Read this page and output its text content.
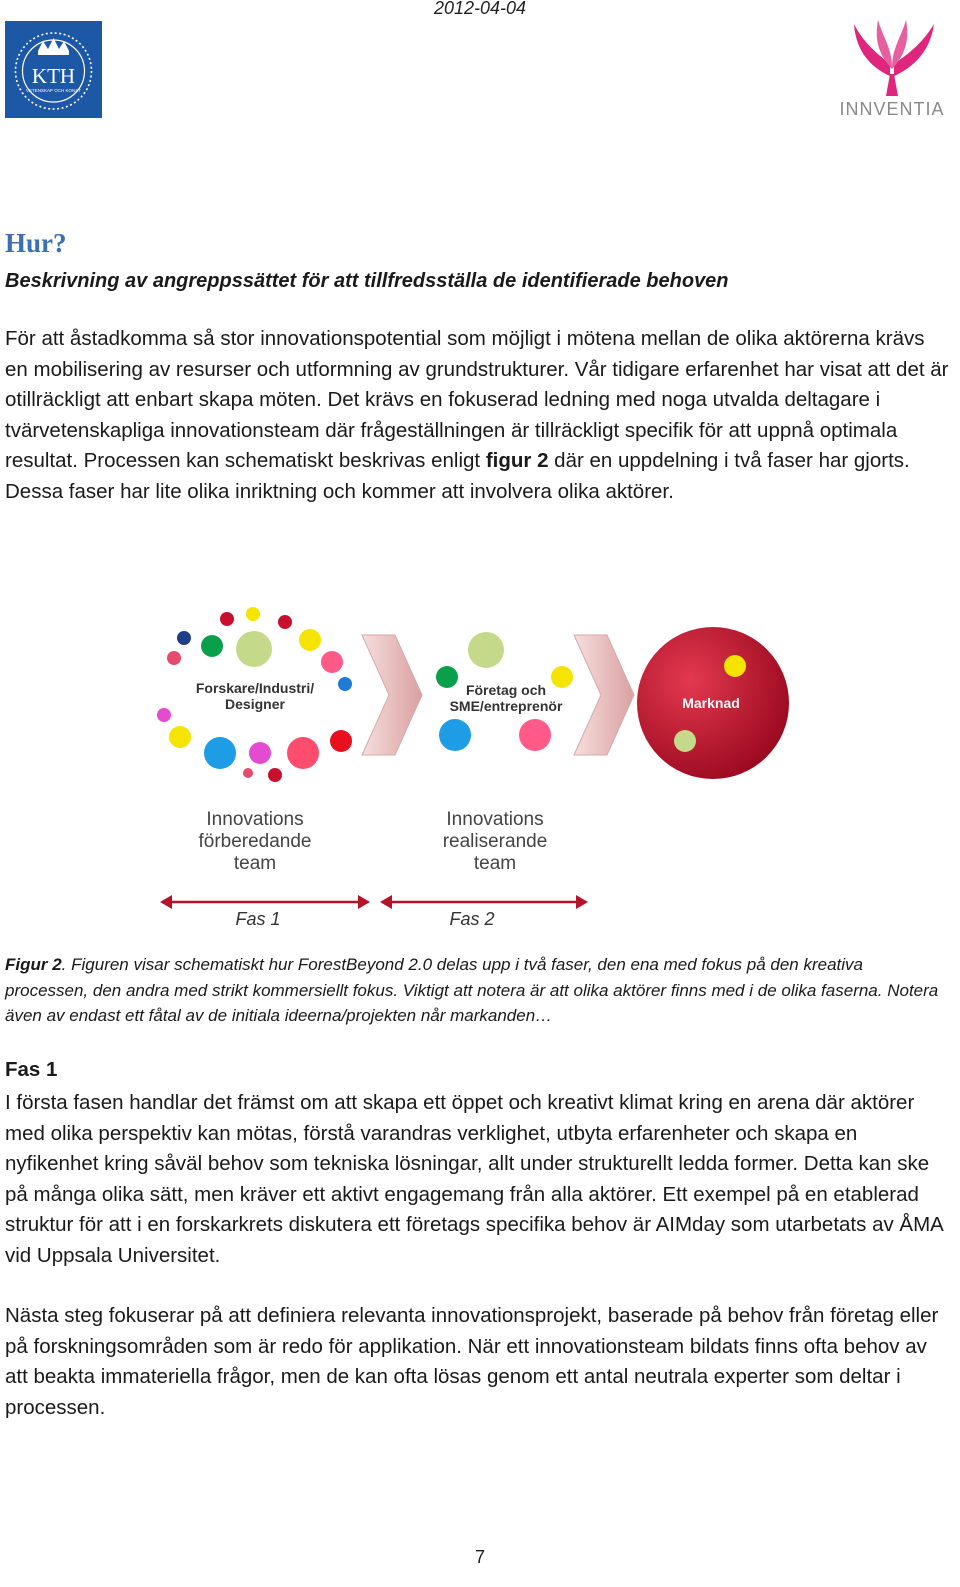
2012-04-04
KTH
VETENSKAP OCH KONST
INNVENTIA
Hur?
Beskrivning av angreppssättet för att tillfredsställa de identifierade behoven

För att åstadkomma så stor innovationspotential som möjligt i mötena mellan de olika aktörerna krävs en mobilisering av resurser och utformning av grundstrukturer. Vår tidigare erfarenhet har visat att det är otillräckligt att enbart skapa möten. Det krävs en fokuserad ledning med noga utvalda deltagare i tvärvetenskapliga innovationsteam där frågeställningen är tillräckligt specifik för att uppnå optimala resultat. Processen kan schematiskt beskrivas enligt figur 2 där en uppdelning i två faser har gjorts. Dessa faser har lite olika inriktning och kommer att involvera olika aktörer.

Forskare/Industri/
Designer
Företag och
SME/entreprenör	Marknad
Innovations
förberedande
team
Innovations
realiserande
team
Fas 1	Fas 2

Figur 2. Figuren visar schematiskt hur ForestBeyond 2.0 delas upp i två faser, den ena med fokus på den kreativa processen, den andra med strikt kommersiellt fokus. Viktigt att notera är att olika aktörer finns med i de olika faserna. Notera även av endast ett fåtal av de initiala ideerna/projekten når markanden…

Fas 1

I första fasen handlar det främst om att skapa ett öppet och kreativt klimat kring en arena där aktörer med olika perspektiv kan mötas, förstå varandras verklighet, utbyta erfarenheter och skapa en nyfikenhet kring såväl behov som tekniska lösningar, allt under strukturellt ledda former. Detta kan ske på många olika sätt, men kräver ett aktivt engagemang från alla aktörer. Ett exempel på en etablerad struktur för att i en forskarkrets diskutera ett företags specifika behov är AIMday som utarbetats av ÅMA vid Uppsala Universitet.

Nästa steg fokuserar på att definiera relevanta innovationsprojekt, baserade på behov från företag eller på forskningsområden som är redo för applikation. När ett innovationsteam bildats finns ofta behov av att beakta immateriella frågor, men de kan ofta lösas genom ett antal neutrala experter som deltar i processen.

7
